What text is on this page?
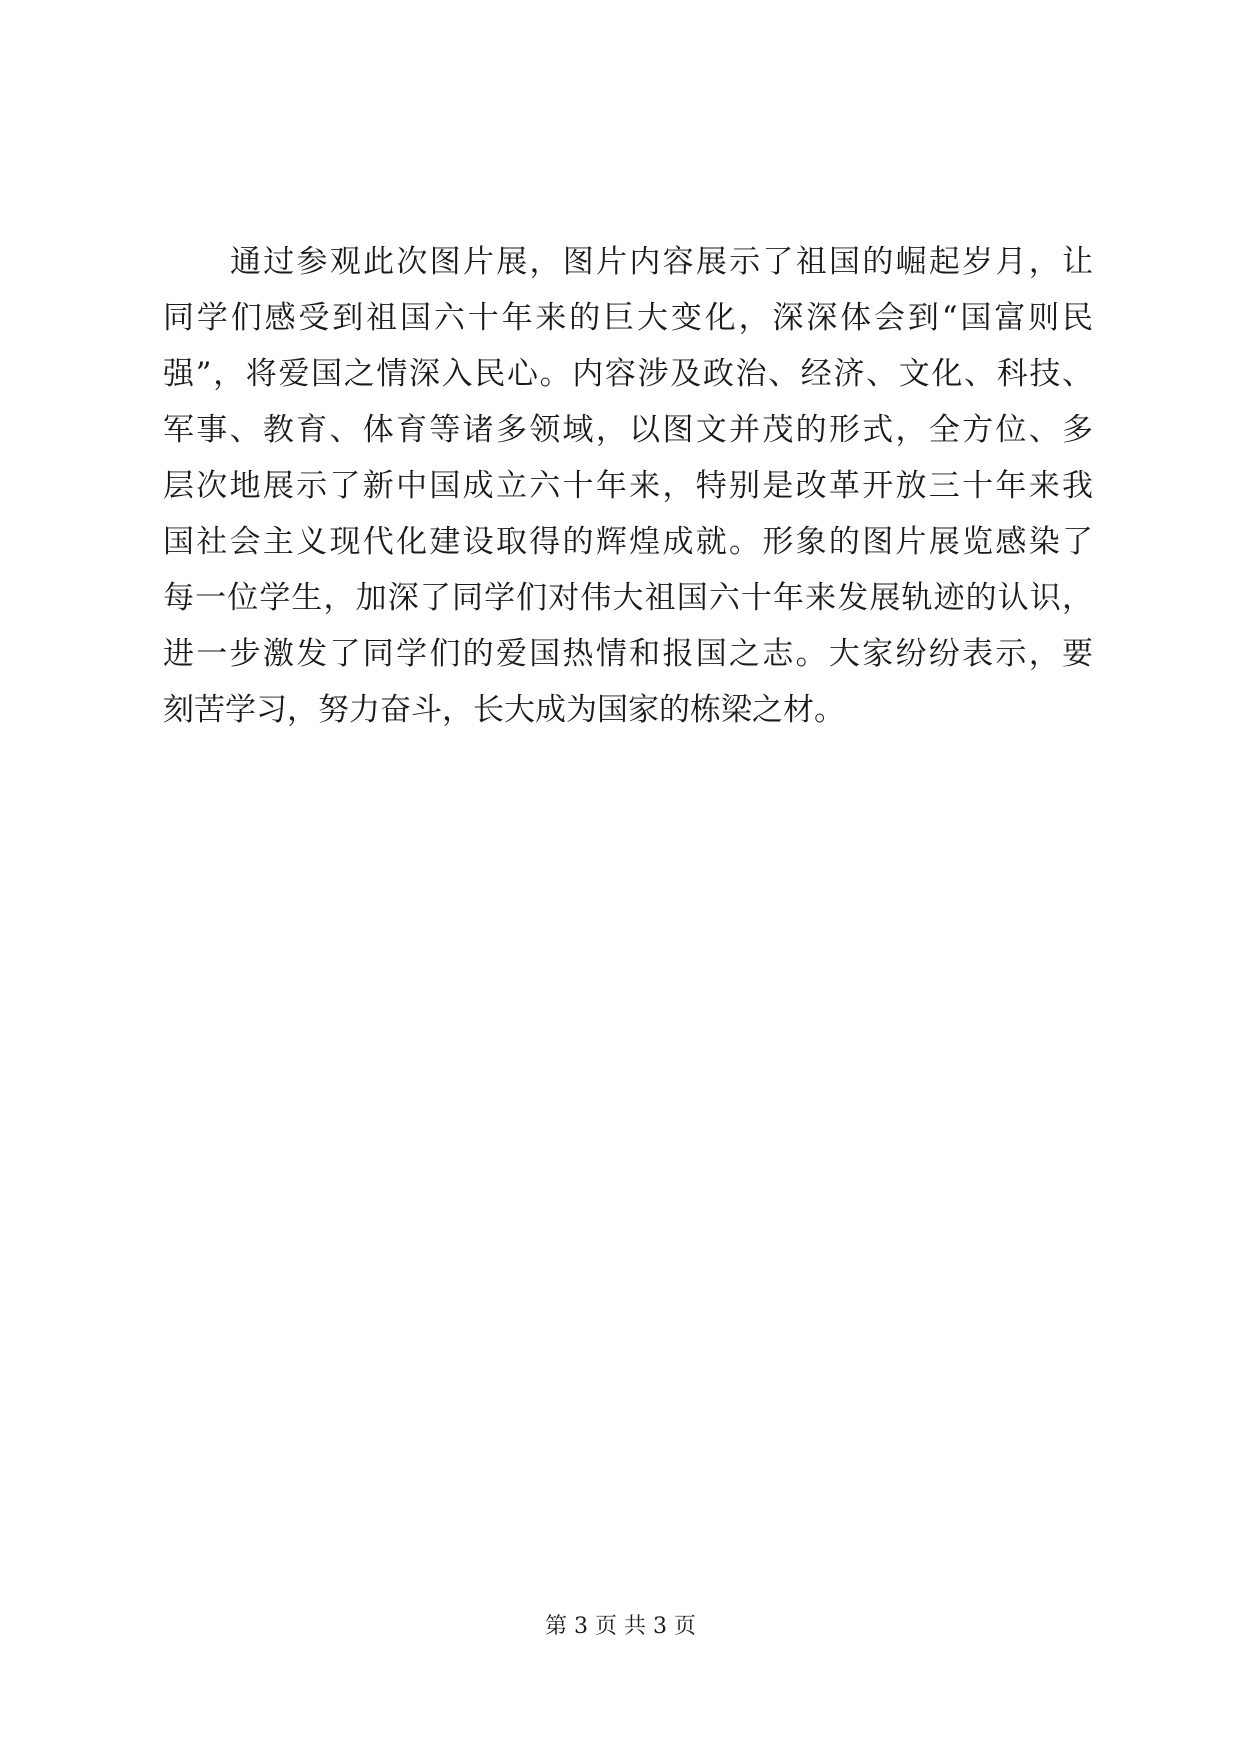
通过参观此次图片展，图片内容展示了祖国的崛起岁月，让
同学们感受到祖国六十年来的巨大变化，深深体会到“国富则民
强”，将爱国之情深入民心。内容涉及政治、经济、文化、科技、
军事、教育、体育等诸多领域，以图文并茂的形式，全方位、多
层次地展示了新中国成立六十年来，特别是改革开放三十年来我
国社会主义现代化建设取得的辉煌成就。形象的图片展览感染了
每一位学生，加深了同学们对伟大祖国六十年来发展轨迹的认识，
进一步激发了同学们的爱国热情和报国之志。大家纷纷表示，要
刻苦学习，努力奋斗，长大成为国家的栋梁之材。
第 3 页 共 3 页
